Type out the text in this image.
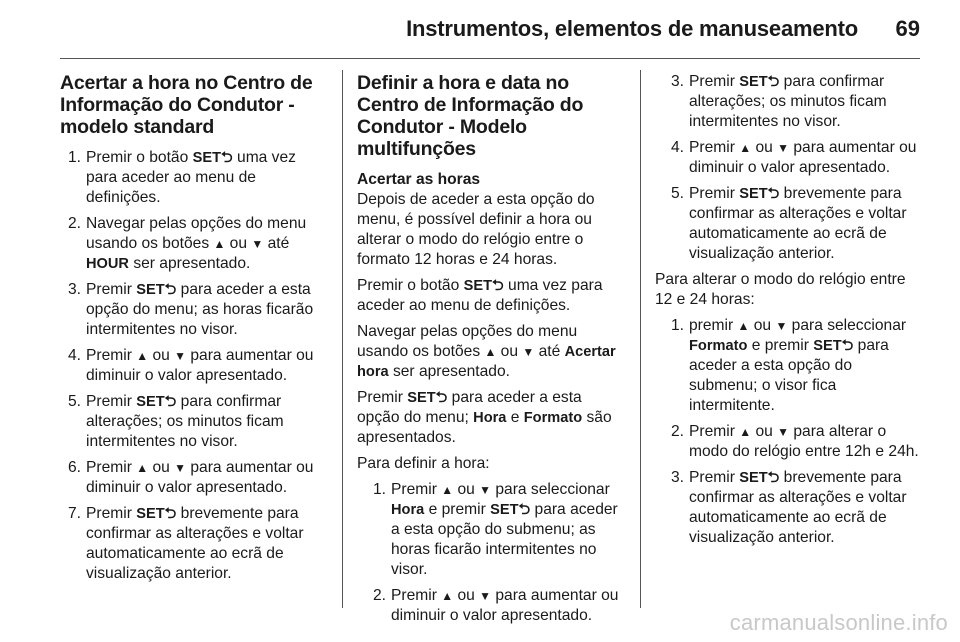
Instrumentos, elementos de manuseamento 69
Acertar a hora no Centro de Informação do Condutor - modelo standard
1. Premir o botão SET⮌ uma vez para aceder ao menu de definições.
2. Navegar pelas opções do menu usando os botões ▲ ou ▼ até HOUR ser apresentado.
3. Premir SET⮌ para aceder a esta opção do menu; as horas ficarão intermitentes no visor.
4. Premir ▲ ou ▼ para aumentar ou diminuir o valor apresentado.
5. Premir SET⮌ para confirmar alterações; os minutos ficam intermitentes no visor.
6. Premir ▲ ou ▼ para aumentar ou diminuir o valor apresentado.
7. Premir SET⮌ brevemente para confirmar as alterações e voltar automaticamente ao ecrã de visualização anterior.
Definir a hora e data no Centro de Informação do Condutor - Modelo multifunções
Acertar as horas

Depois de aceder a esta opção do menu, é possível definir a hora ou alterar o modo do relógio entre o formato 12 horas e 24 horas.

Premir o botão SET⮌ uma vez para aceder ao menu de definições.

Navegar pelas opções do menu usando os botões ▲ ou ▼ até Acertar hora ser apresentado.

Premir SET⮌ para aceder a esta opção do menu; Hora e Formato são apresentados.

Para definir a hora:

1. Premir ▲ ou ▼ para seleccionar Hora e premir SET⮌ para aceder a esta opção do submenu; as horas ficarão intermitentes no visor.
2. Premir ▲ ou ▼ para aumentar ou diminuir o valor apresentado.
3. Premir SET⮌ para confirmar alterações; os minutos ficam intermitentes no visor.
4. Premir ▲ ou ▼ para aumentar ou diminuir o valor apresentado.
5. Premir SET⮌ brevemente para confirmar as alterações e voltar automaticamente ao ecrã de visualização anterior.

Para alterar o modo do relógio entre 12 e 24 horas:

1. premir ▲ ou ▼ para seleccionar Formato e premir SET⮌ para aceder a esta opção do submenu; o visor fica intermitente.
2. Premir ▲ ou ▼ para alterar o modo do relógio entre 12h e 24h.
3. Premir SET⮌ brevemente para confirmar as alterações e voltar automaticamente ao ecrã de visualização anterior.
carmanualsonline.info
